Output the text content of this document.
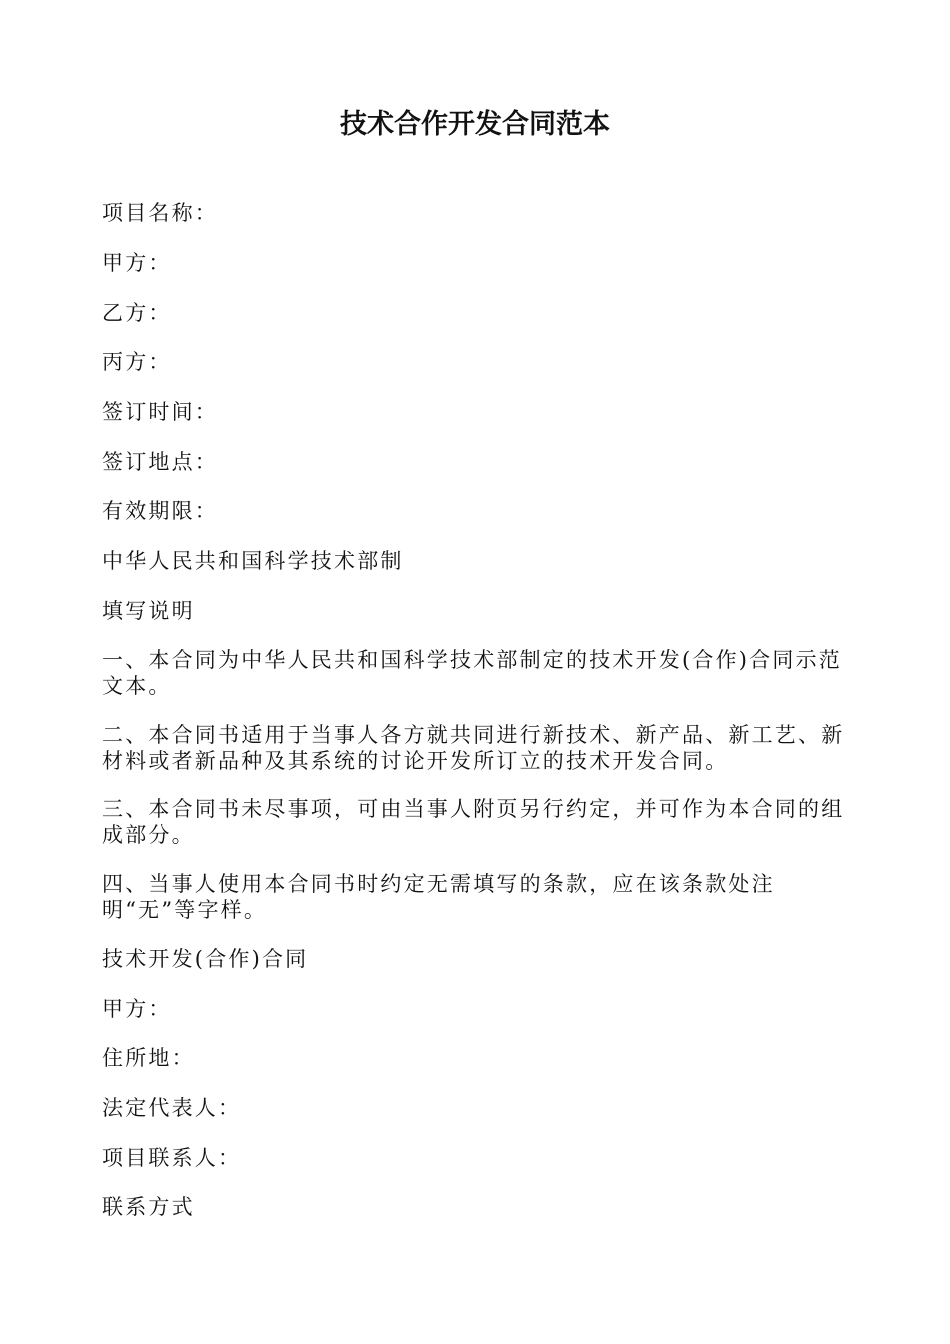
技术合作开发合同范本
项目名称：
甲方：
乙方：
丙方：
签订时间：
签订地点：
有效期限：
中华人民共和国科学技术部制
填写说明
一、本合同为中华人民共和国科学技术部制定的技术开发(合作)合同示范文本。
二、本合同书适用于当事人各方就共同进行新技术、新产品、新工艺、新材料或者新品种及其系统的讨论开发所订立的技术开发合同。
三、本合同书未尽事项，可由当事人附页另行约定，并可作为本合同的组成部分。
四、当事人使用本合同书时约定无需填写的条款，应在该条款处注明“无”等字样。
技术开发(合作)合同
甲方：
住所地：
法定代表人：
项目联系人：
联系方式
